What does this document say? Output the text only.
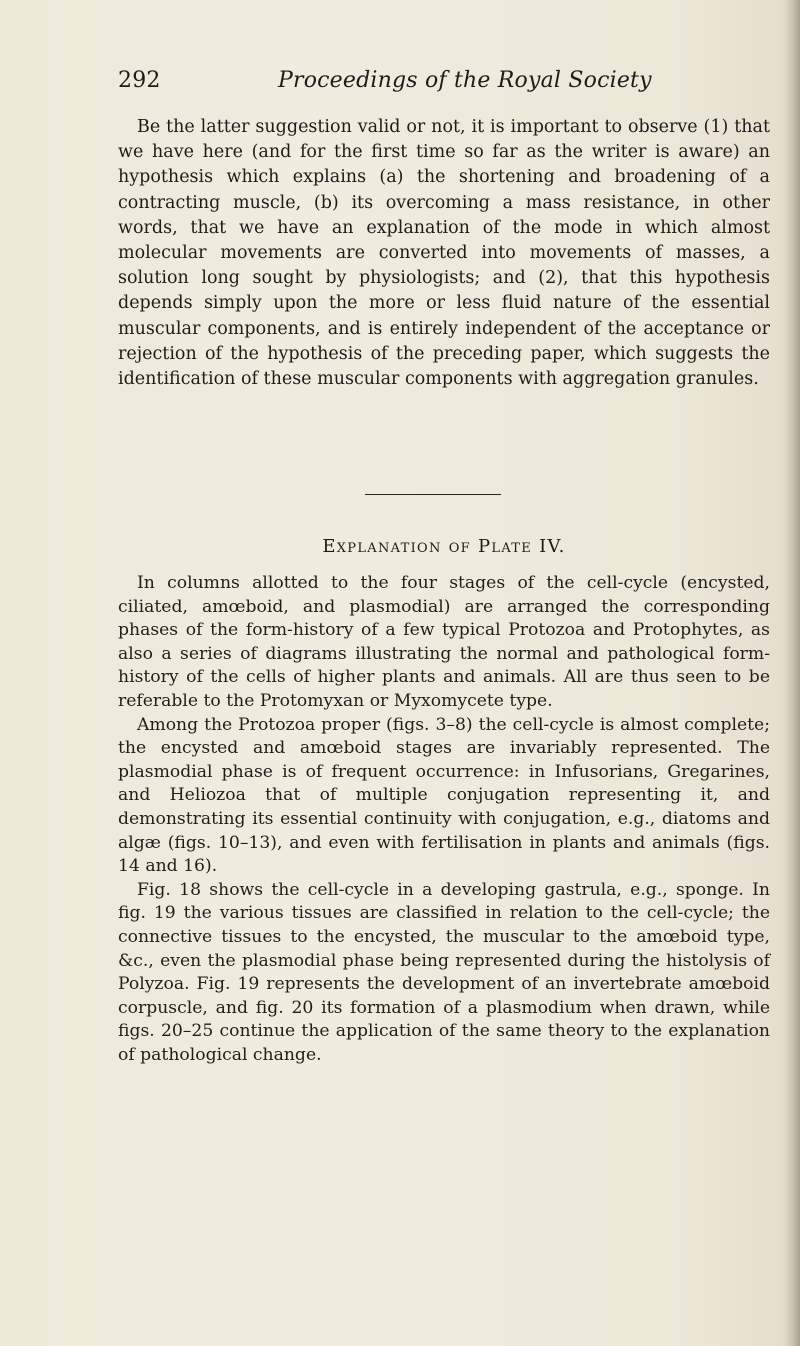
292	Proceedings of the Royal Society

Be the latter suggestion valid or not, it is important to observe (1) that we have here (and for the first time so far as the writer is aware) an hypothesis which explains (a) the shortening and broadening of a contracting muscle, (b) its overcoming a mass resistance, in other words, that we have an explanation of the mode in which almost molecular movements are converted into movements of masses, a solution long sought by physiologists; and (2), that this hypothesis depends simply upon the more or less fluid nature of the essential muscular components, and is entirely independent of the acceptance or rejection of the hypothesis of the preceding paper, which suggests the identification of these muscular components with aggregation granules.

Explanation of Plate IV.

In columns allotted to the four stages of the cell-cycle (encysted, ciliated, amœboid, and plasmodial) are arranged the corresponding phases of the form-history of a few typical Protozoa and Protophytes, as also a series of diagrams illustrating the normal and pathological form-history of the cells of higher plants and animals. All are thus seen to be referable to the Protomyxan or Myxomycete type.

Among the Protozoa proper (figs. 3–8) the cell-cycle is almost complete; the encysted and amœboid stages are invariably represented. The plasmodial phase is of frequent occurrence: in Infusorians, Gregarines, and Heliozoa that of multiple conjugation representing it, and demonstrating its essential continuity with conjugation, e.g., diatoms and algæ (figs. 10–13), and even with fertilisation in plants and animals (figs. 14 and 16).

Fig. 18 shows the cell-cycle in a developing gastrula, e.g., sponge. In fig. 19 the various tissues are classified in relation to the cell-cycle; the connective tissues to the encysted, the muscular to the amœboid type, &c., even the plasmodial phase being represented during the histolysis of Polyzoa. Fig. 19 represents the development of an invertebrate amœboid corpuscle, and fig. 20 its formation of a plasmodium when drawn, while figs. 20–25 continue the application of the same theory to the explanation of pathological change.
